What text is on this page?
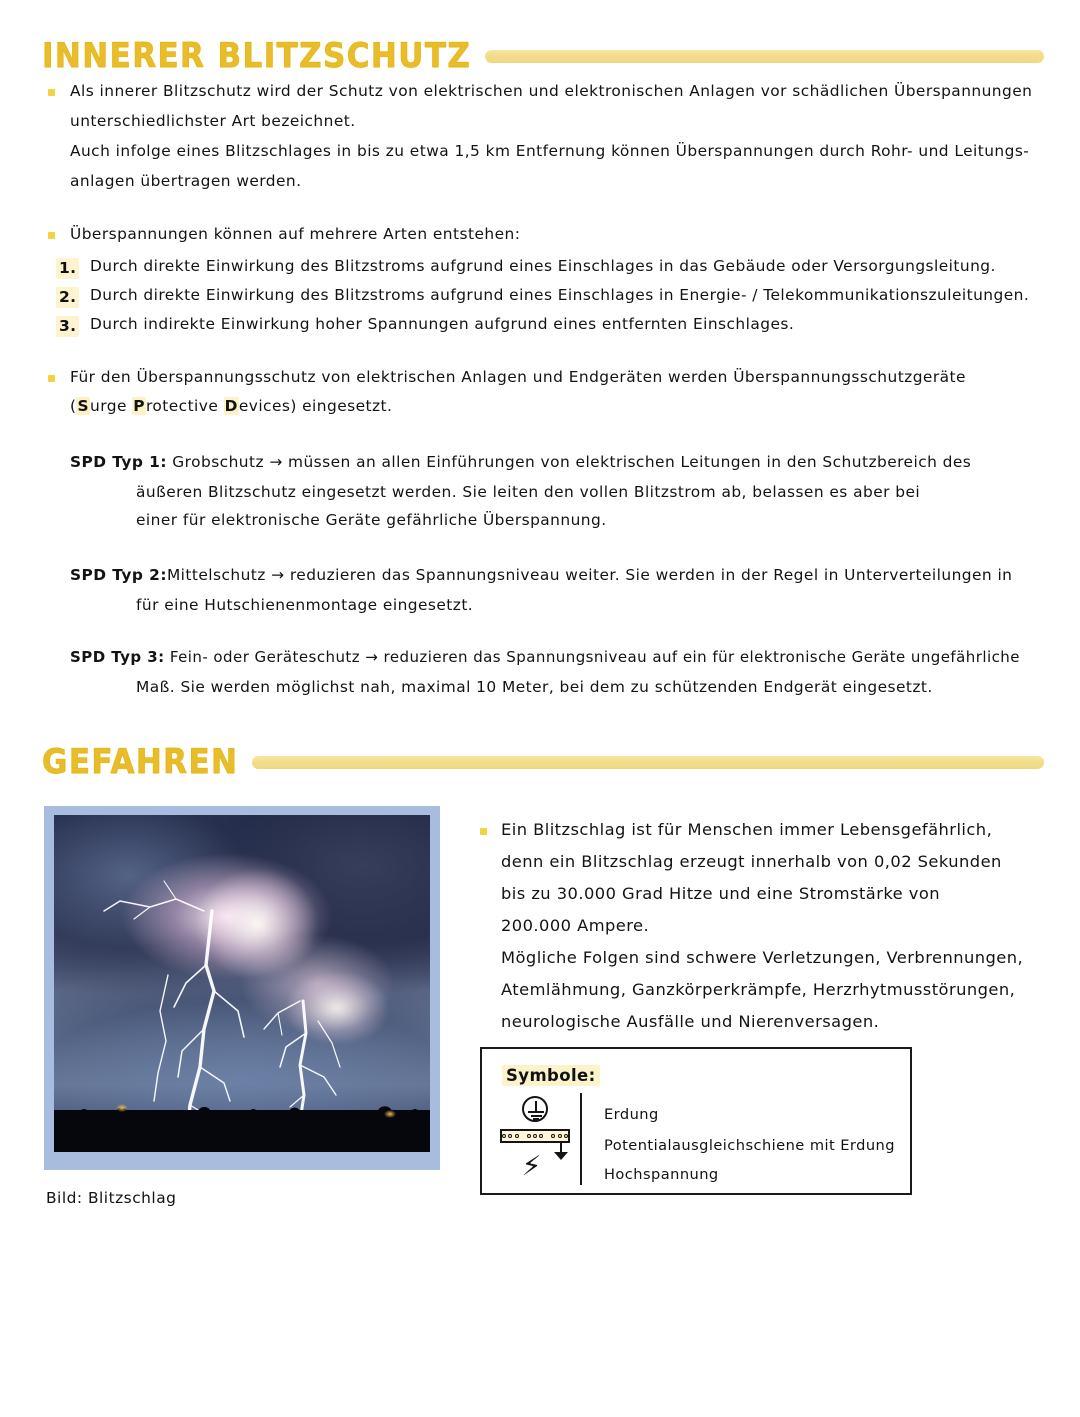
INNERER BLITZSCHUTZ
Als innerer Blitzschutz wird der Schutz von elektrischen und elektronischen Anlagen vor schädlichen Überspannungen
unterschiedlichster Art bezeichnet.
Auch infolge eines Blitzschlages in bis zu etwa 1,5 km Entfernung können Überspannungen durch Rohr- und Leitungs-
anlagen übertragen werden.
Überspannungen können auf mehrere Arten entstehen:
1. Durch direkte Einwirkung des Blitzstroms aufgrund eines Einschlages in das Gebäude oder Versorgungsleitung.
2. Durch direkte Einwirkung des Blitzstroms aufgrund eines Einschlages in Energie- / Telekommunikationszuleitungen.
3. Durch indirekte Einwirkung hoher Spannungen aufgrund eines entfernten Einschlages.
Für den Überspannungsschutz von elektrischen Anlagen und Endgeräten werden Überspannungsschutzgeräte
(Surge Protective Devices) eingesetzt.
SPD Typ 1: Grobschutz → müssen an allen Einführungen von elektrischen Leitungen in den Schutzbereich des
äußeren Blitzschutz eingesetzt werden. Sie leiten den vollen Blitzstrom ab, belassen es aber bei
einer für elektronische Geräte gefährliche Überspannung.
SPD Typ 2:Mittelschutz → reduzieren das Spannungsniveau weiter. Sie werden in der Regel in Unterverteilungen in
für eine Hutschienenmontage eingesetzt.
SPD Typ 3: Fein- oder Geräteschutz → reduzieren das Spannungsniveau auf ein für elektronische Geräte ungefährliche
Maß. Sie werden möglichst nah, maximal 10 Meter, bei dem zu schützenden Endgerät eingesetzt.
GEFAHREN
Bild: Blitzschlag
Ein Blitzschlag ist für Menschen immer Lebensgefährlich,
denn ein Blitzschlag erzeugt innerhalb von 0,02 Sekunden
bis zu 30.000 Grad Hitze und eine Stromstärke von
200.000 Ampere.
Mögliche Folgen sind schwere Verletzungen, Verbrennungen,
Atemlähmung, Ganzkörperkrämpfe, Herzrhytmusstörungen,
neurologische Ausfälle und Nierenversagen.
Symbole:
Erdung
Potentialausgleichschiene mit Erdung
⚡	Hochspannung
